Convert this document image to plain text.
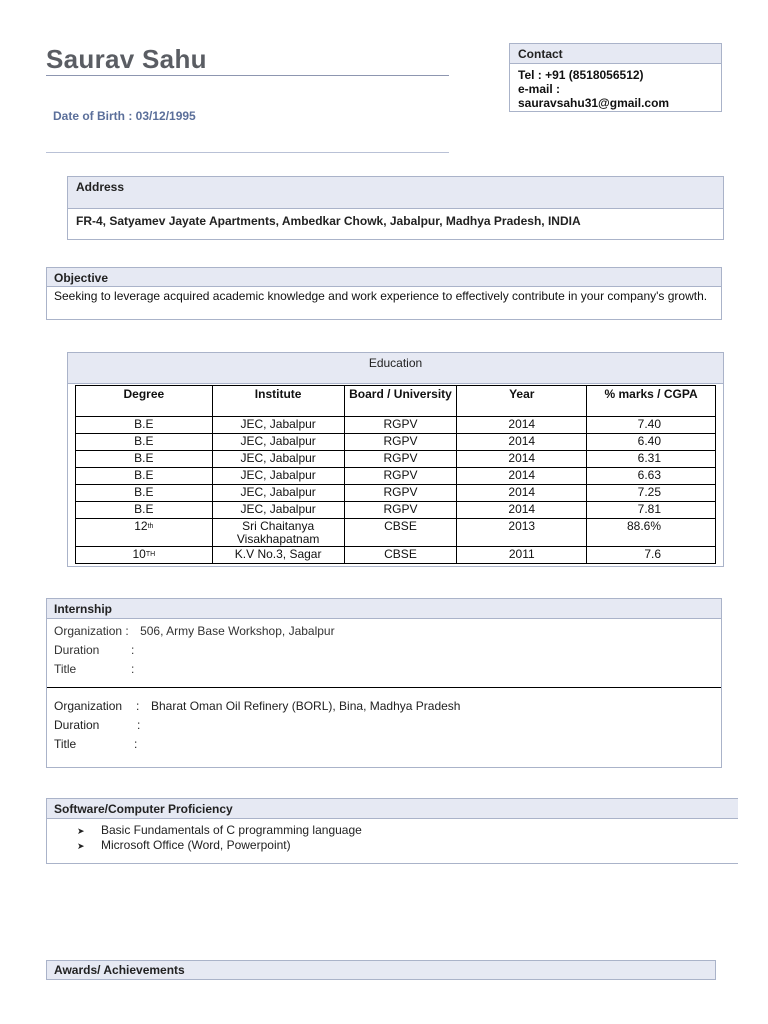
Saurav Sahu
Date of Birth : 03/12/1995
Contact
Tel : +91 (8518056512)
e-mail :
sauravsahu31@gmail.com
Address
FR-4, Satyamev Jayate Apartments, Ambedkar Chowk, Jabalpur, Madhya Pradesh, INDIA
Objective
Seeking to leverage acquired academic knowledge and work experience to effectively contribute in your company's growth.
Education
Degree	Institute	Board / University	Year	% marks / CGPA
B.E	JEC, Jabalpur	RGPV	2014	7.40
B.E	JEC, Jabalpur	RGPV	2014	6.40
B.E	JEC, Jabalpur	RGPV	2014	6.31
B.E	JEC, Jabalpur	RGPV	2014	6.63
B.E	JEC, Jabalpur	RGPV	2014	7.25
B.E	JEC, Jabalpur	RGPV	2014	7.81
12th	Sri Chaitanya Visakhapatnam	CBSE	2013	88.6%
10TH	K.V No.3, Sagar	CBSE	2011	7.6
Internship
Organization : 506, Army Base Workshop, Jabalpur
Duration	:
Title	:
Organization : Bharat Oman Oil Refinery (BORL), Bina, Madhya Pradesh
Duration	:
Title	:
Software/Computer Proficiency
➤ Basic Fundamentals of C programming language
➤ Microsoft Office (Word, Powerpoint)
Awards/ Achievements
